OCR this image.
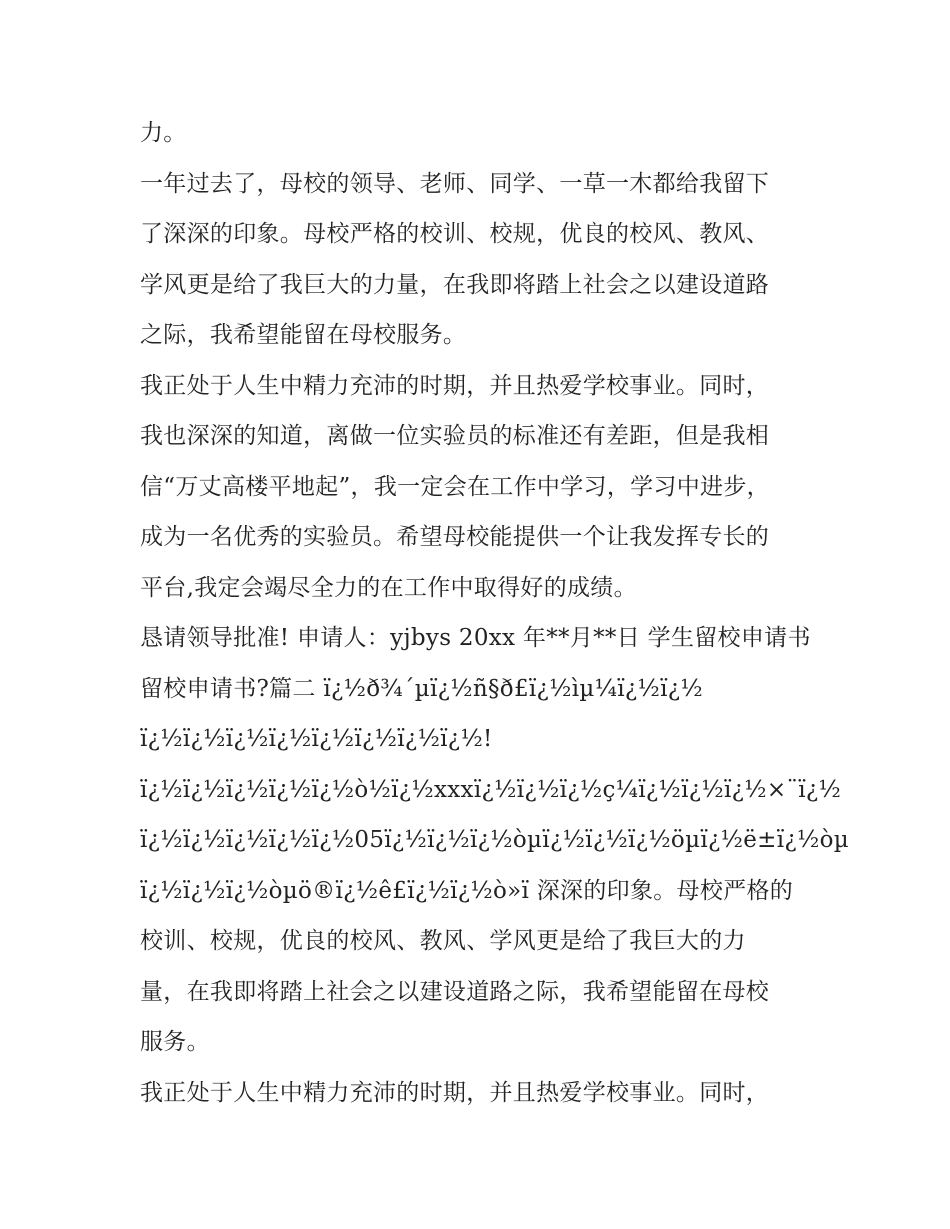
力。
一年过去了，母校的领导、老师、同学、一草一木都给我留下
了深深的印象。母校严格的校训、校规，优良的校风、教风、
学风更是给了我巨大的力量，在我即将踏上社会之以建设道路
之际，我希望能留在母校服务。
我正处于人生中精力充沛的时期，并且热爱学校事业。同时，
我也深深的知道，离做一位实验员的标准还有差距，但是我相
信“万丈高楼平地起”，我一定会在工作中学习，学习中进步，
成为一名优秀的实验员。希望母校能提供一个让我发挥专长的
平台,我定会竭尽全力的在工作中取得好的成绩。
恳请领导批准! 申请人：yjbys 20xx 年**月**日 学生留校申请书
留校申请书?篇二 ï¿½ð¾´µï¿½ñ§ð£ï¿½ìµ¼ï¿½ï¿½
ï¿½ï¿½ï¿½ï¿½ï¿½ï¿½ï¿½ï¿½!
ï¿½ï¿½ï¿½ï¿½ï¿½ò½ï¿½xxxï¿½ï¿½ï¿½ç¼ï¿½ï¿½ï¿½×¨ï¿½
ï¿½ï¿½ï¿½ï¿½ï¿½05ï¿½ï¿½ï¿½òµï¿½ï¿½ï¿½öµï¿½ë±ï¿½òµ
ï¿½ï¿½ï¿½òµö®ï¿½ê£ï¿½ï¿½ò»ï 深深的印象。母校严格的
校训、校规，优良的校风、教风、学风更是给了我巨大的力
量，在我即将踏上社会之以建设道路之际，我希望能留在母校
服务。
我正处于人生中精力充沛的时期，并且热爱学校事业。同时，
